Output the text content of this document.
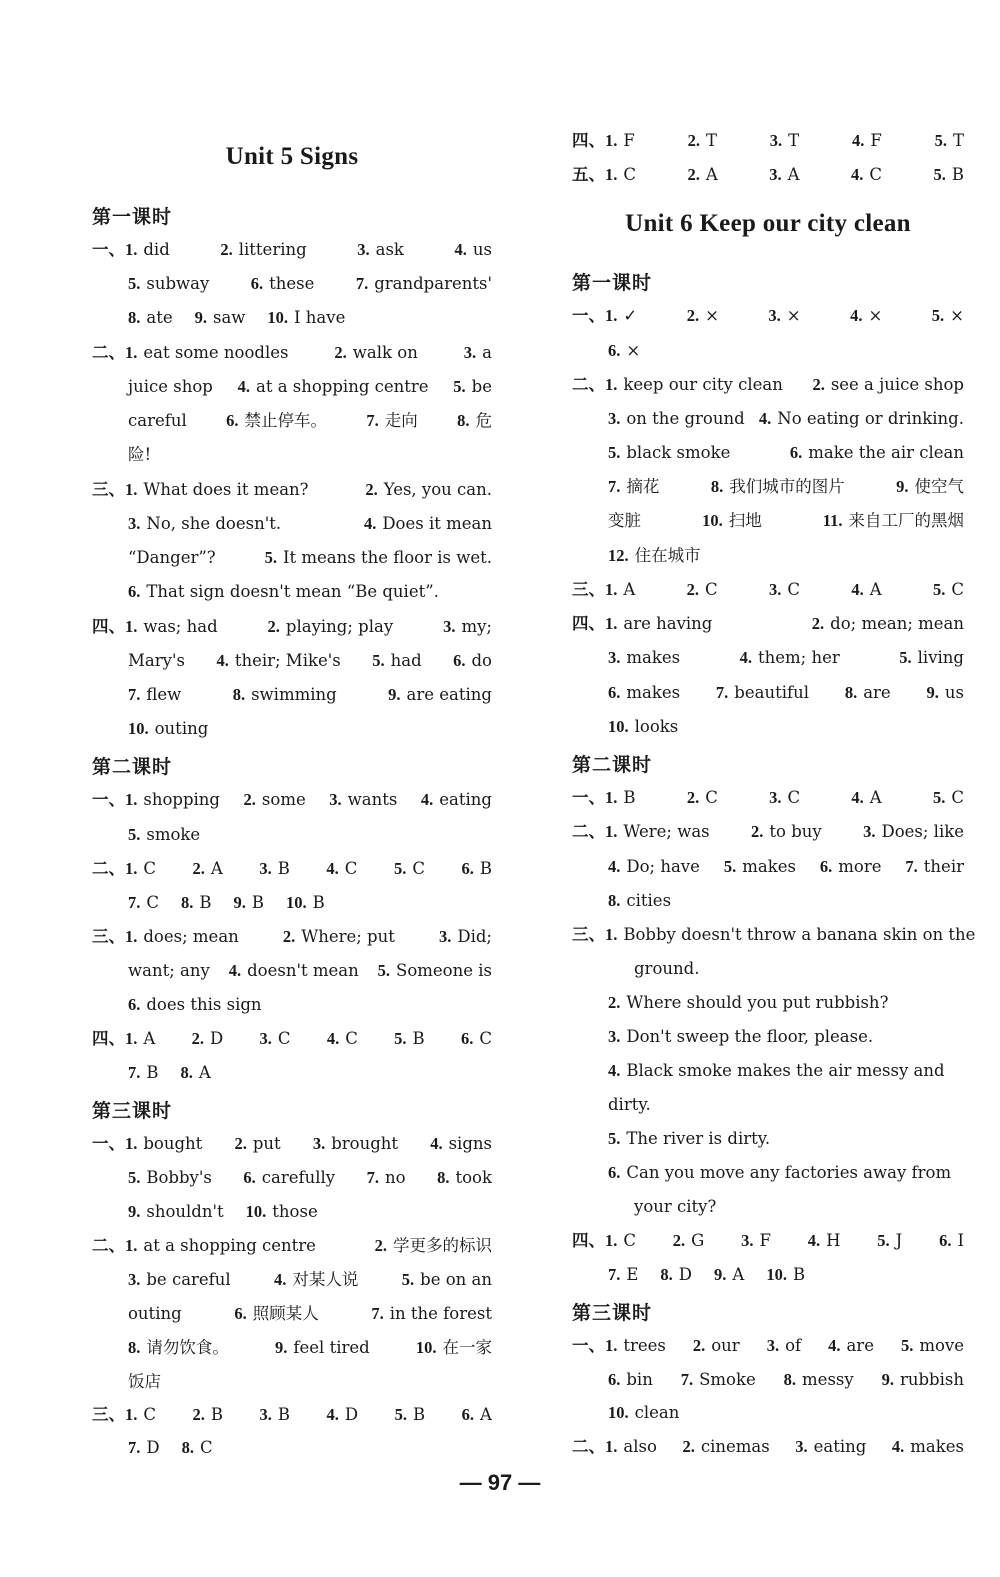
Unit 5 Signs
第一课时
一、1. did	2. littering	3. ask	4. us
5. subway	6. these	7. grandparents'
8. ate 9. saw 10. I have
二、1. eat some noodles	2. walk on	3. a
juice shop 4. at a shopping centre 5. be
careful 6. 禁止停车。 7. 走向 8. 危
险!
三、1. What does it mean?	2. Yes, you can.
3. No, she doesn't.	4. Does it mean
“Danger”?	5. It means the floor is wet.
6. That sign doesn't mean “Be quiet”.
四、1. was; had	2. playing; play	3. my;
Mary's 4. their; Mike's 5. had 6. do
7. flew	8. swimming	9. are eating
10. outing
第二课时
一、1. shopping 2. some 3. wants 4. eating
5. smoke
二、1. C 2. A 3. B 4. C 5. C 6. B
7. C 8. B 9. B 10. B
三、1. does; mean	2. Where; put	3. Did;
want; any 4. doesn't mean 5. Someone is
6. does this sign
四、1. A 2. D 3. C 4. C 5. B 6. C
7. B 8. A
第三课时
一、1. bought 2. put 3. brought 4. signs
5. Bobby's 6. carefully 7. no 8. took
9. shouldn't 10. those
二、1. at a shopping centre	2. 学更多的标识
3. be careful	4. 对某人说	5. be on an
outing	6. 照顾某人	7. in the forest
8. 请勿饮食。	9. feel tired	10. 在一家
饭店
三、1. C 2. B 3. B 4. D 5. B 6. A
7. D 8. C
四、1. F	2. T	3. T	4. F	5. T
五、1. C	2. A	3. A	4. C	5. B
Unit 6 Keep our city clean
第一课时
一、1. ✓	2. ×	3. ×	4. ×	5. ×
6. ×
二、1. keep our city clean 2. see a juice shop
3. on the ground 4. No eating or drinking.
5. black smoke	6. make the air clean
7. 摘花	8. 我们城市的图片	9. 使空气
变脏	10. 扫地	11. 来自工厂的黑烟
12. 住在城市
三、1. A	2. C	3. C	4. A	5. C
四、1. are having	2. do; mean; mean
3. makes	4. them; her	5. living
6. makes 7. beautiful 8. are 9. us
10. looks
第二课时
一、1. B	2. C	3. C	4. A	5. C
二、1. Were; was	2. to buy	3. Does; like
4. Do; have 5. makes 6. more 7. their
8. cities
三、1. Bobby doesn't throw a banana skin on the
ground.
2. Where should you put rubbish?
3. Don't sweep the floor, please.
4. Black smoke makes the air messy and
dirty.
5. The river is dirty.
6. Can you move any factories away from
your city?
四、1. C 2. G 3. F 4. H 5. J 6. I
7. E 8. D 9. A 10. B
第三课时
一、1. trees 2. our 3. of 4. are 5. move
6. bin 7. Smoke 8. messy 9. rubbish
10. clean
二、1. also 2. cinemas 3. eating 4. makes
— 97 —
